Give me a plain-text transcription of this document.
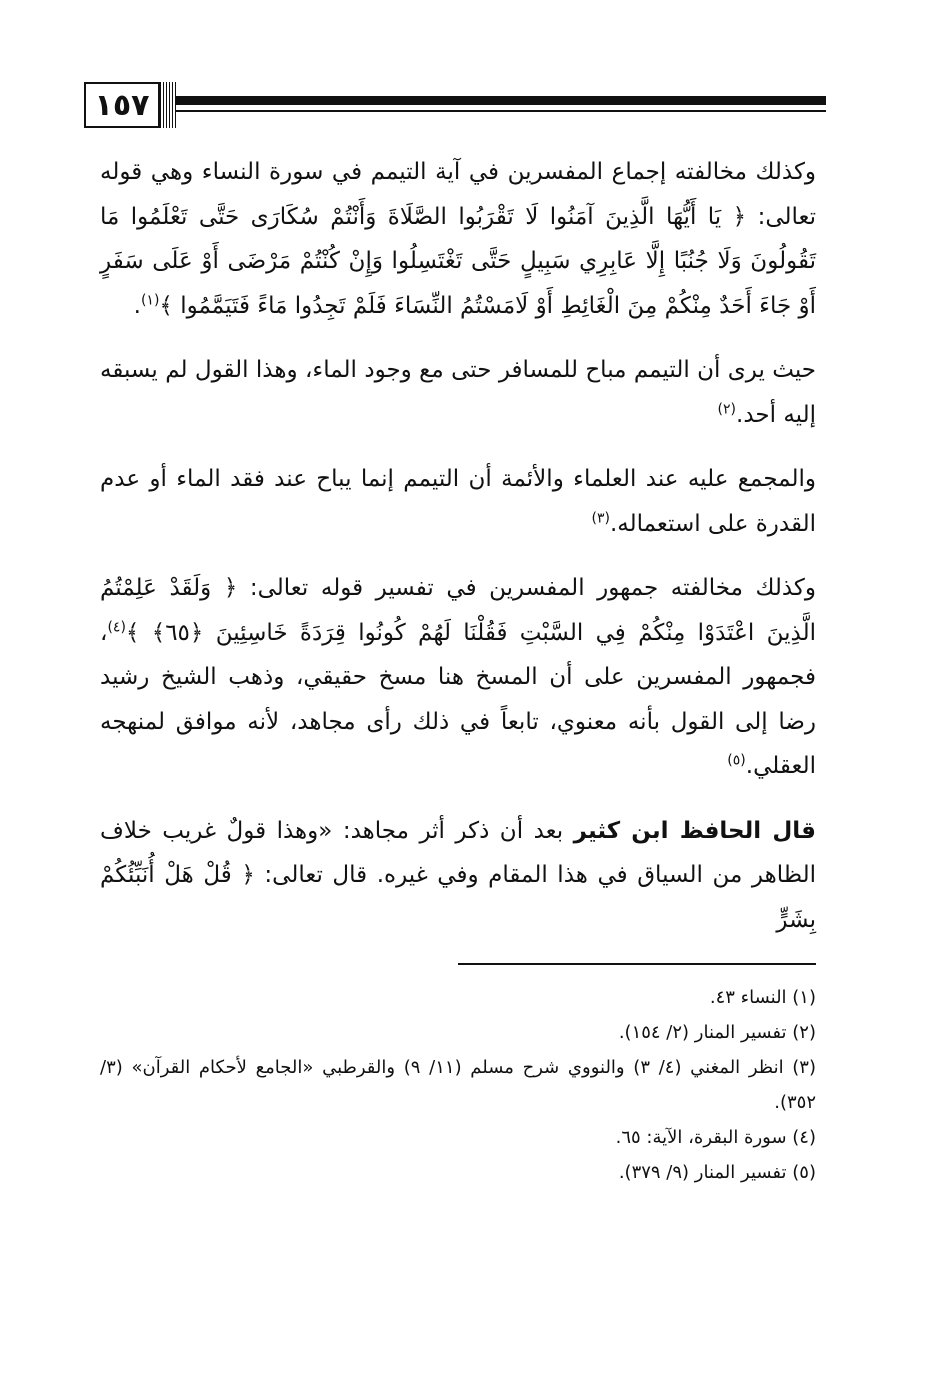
١٥٧

وكذلك مخالفته إجماع المفسرين في آية التيمم في سورة النساء وهي قوله تعالى: ﴿ يَا أَيُّهَا الَّذِينَ آمَنُوا لَا تَقْرَبُوا الصَّلَاةَ وَأَنْتُمْ سُكَارَى حَتَّى تَعْلَمُوا مَا تَقُولُونَ وَلَا جُنُبًا إِلَّا عَابِرِي سَبِيلٍ حَتَّى تَغْتَسِلُوا وَإِنْ كُنْتُمْ مَرْضَى أَوْ عَلَى سَفَرٍ أَوْ جَاءَ أَحَدٌ مِنْكُمْ مِنَ الْغَائِطِ أَوْ لَامَسْتُمُ النِّسَاءَ فَلَمْ تَجِدُوا مَاءً فَتَيَمَّمُوا ﴾$^{(١)}$.

حيث يرى أن التيمم مباح للمسافر حتى مع وجود الماء، وهذا القول لم يسبقه إليه أحد.$^{(٢)}$

والمجمع عليه عند العلماء والأئمة أن التيمم إنما يباح عند فقد الماء أو عدم القدرة على استعماله.$^{(٣)}$

وكذلك مخالفته جمهور المفسرين في تفسير قوله تعالى: ﴿ وَلَقَدْ عَلِمْتُمُ الَّذِينَ اعْتَدَوْا مِنْكُمْ فِي السَّبْتِ فَقُلْنَا لَهُمْ كُونُوا قِرَدَةً خَاسِئِينَ ﴿٦٥﴾ ﴾$^{(٤)}$، فجمهور المفسرين على أن المسخ هنا مسخ حقيقي، وذهب الشيخ رشيد رضا إلى القول بأنه معنوي، تابعاً في ذلك رأى مجاهد، لأنه موافق لمنهجه العقلي.$^{(٥)}$

قال الحافظ ابن كثير بعد أن ذكر أثر مجاهد: «وهذا قولٌ غريب خلاف الظاهر من السياق في هذا المقام وفي غيره. قال تعالى: ﴿ قُلْ هَلْ أُنَبِّئُكُمْ بِشَرٍّ

(١) النساء ٤٣.
(٢) تفسير المنار (٢/ ١٥٤).
(٣) انظر المغني (٤/ ٣) والنووي شرح مسلم (١١/ ٩) والقرطبي «الجامع لأحكام القرآن» (٣/ ٣٥٢).
(٤) سورة البقرة، الآية: ٦٥.
(٥) تفسير المنار (٩/ ٣٧٩).
